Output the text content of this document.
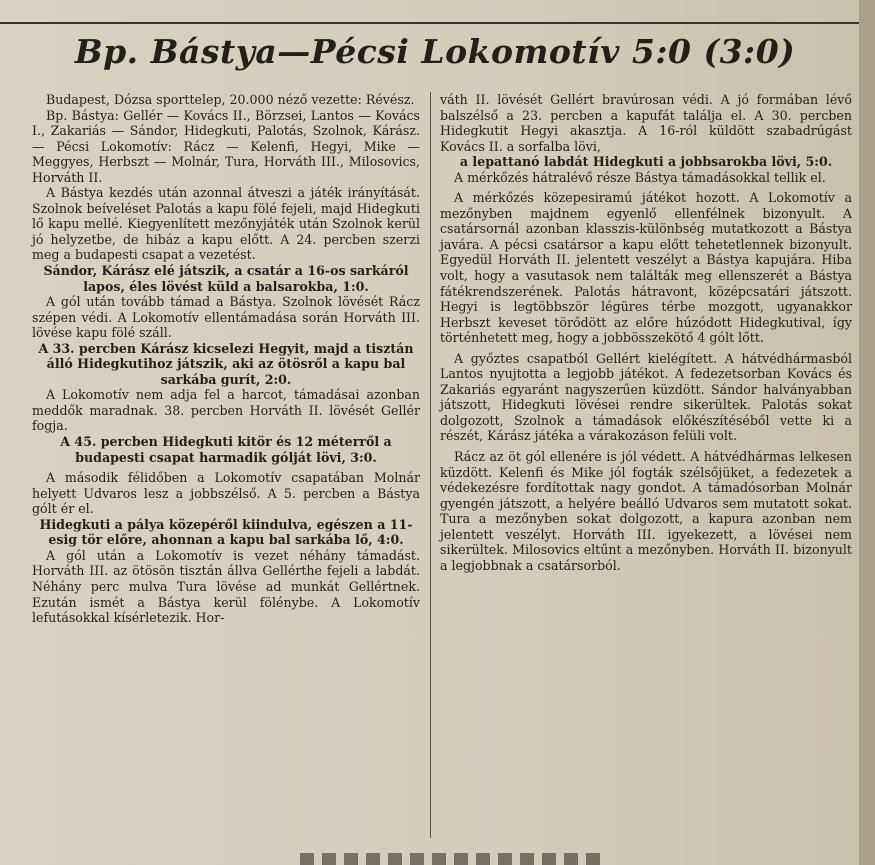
Bp. Bástya—Pécsi Lokomotív 5:0 (3:0)

Budapest, Dózsa sporttelep, 20.000 néző vezette: Révész.

Bp. Bástya: Gellér — Kovács II., Börzsei, Lantos — Kovács I., Zakariás — Sándor, Hidegkuti, Palotás, Szolnok, Kárász. — Pécsi Lokomotív: Rácz — Kelenfi, Hegyi, Mike — Meggyes, Herbszt — Molnár, Tura, Horváth III., Milosovics, Horváth II.

A Bástya kezdés után azonnal átveszi a játék irányítását. Szolnok beíveléset Palotás a kapu fölé fejeli, majd Hidegkuti lő kapu mellé. Kiegyenlített mezőnyjáték után Szolnok kerül jó helyzetbe, de hibáz a kapu előtt. A 24. percben szerzi meg a budapesti csapat a vezetést.

Sándor, Kárász elé játszik, a csatár a 16-os sarkáról lapos, éles lövést küld a balsarokba, 1:0.

A gól után tovább támad a Bástya. Szolnok lövését Rácz szépen védi. A Lokomotív ellentámadása során Horváth III. lövése kapu fölé száll.

A 33. percben Kárász kicselezi Hegyit, majd a tisztán álló Hidegkutihoz játszik, aki az ötösről a kapu bal sarkába gurít, 2:0.

A Lokomotív nem adja fel a harcot, támadásai azonban meddők maradnak. 38. percben Horváth II. lövését Gellér fogja.

A 45. percben Hidegkuti kitör és 12 méterről a budapesti csapat harmadik gólját lövi, 3:0.

A második félidőben a Lokomotív csapatában Molnár helyett Udvaros lesz a jobbszélső. A 5. percben a Bástya gólt ér el.

Hidegkuti a pálya közepéről kiindulva, egészen a 11-esig tör előre, ahonnan a kapu bal sarkába lő, 4:0.

A gól után a Lokomotív is vezet néhány támadást. Horváth III. az ötösön tisztán állva Gellérthe fejeli a labdát. Néhány perc mulva Tura lövése ad munkát Gellértnek. Ezután ismét a Bástya kerül fölénybe. A Lokomotív lefutásokkal kísérletezik. Hor-

váth II. lövését Gellért bravúrosan védi. A jó formában lévő balszélső a 23. percben a kapufát találja el. A 30. percben Hidegkutit Hegyi akasztja. A 16-ról küldött szabadrúgást Kovács II. a sorfalba lövi,

a lepattanó labdát Hidegkuti a jobbsarokba lövi, 5:0.

A mérkőzés hátralévő része Bástya támadásokkal tellik el.

A mérkőzés közepesiramú játékot hozott. A Lokomotív a mezőnyben majdnem egyenlő ellenfélnek bizonyult. A csatársornál azonban klasszis-különbség mutatkozott a Bástya javára. A pécsi csatársor a kapu előtt tehetetlennek bizonyult. Egyedül Horváth II. jelentett veszélyt a Bástya kapujára. Hiba volt, hogy a vasutasok nem találták meg ellenszerét a Bástya fátékrendszerének. Palotás hátravont, középcsatári játszott. Hegyi is legtöbbször légüres térbe mozgott, ugyanakkor Herbszt keveset törődött az előre húzódott Hidegkutival, így történhetett meg, hogy a jobbösszekötő 4 gólt lőtt.

A győztes csapatból Gellért kielégített. A hátvédhármasból Lantos nyujtotta a legjobb játékot. A fedezetsorban Kovács és Zakariás egyaránt nagyszerűen küzdött. Sándor halványabban játszott, Hidegkuti lövései rendre sikerültek. Palotás sokat dolgozott, Szolnok a támadások előkészítéséből vette ki a részét, Kárász játéka a várakozáson felüli volt.

Rácz az öt gól ellenére is jól védett. A hátvédhármas lelkesen küzdött. Kelenfi és Mike jól fogták szélsőjüket, a fedezetek a védekezésre fordítottak nagy gondot. A támadósorban Molnár gyengén játszott, a helyére beálló Udvaros sem mutatott sokat. Tura a mezőnyben sokat dolgozott, a kapura azonban nem jelentett veszélyt. Horváth III. igyekezett, a lövései nem sikerültek. Milosovics eltűnt a mezőnyben. Horváth II. bizonyult a legjobbnak a csatársorból.
